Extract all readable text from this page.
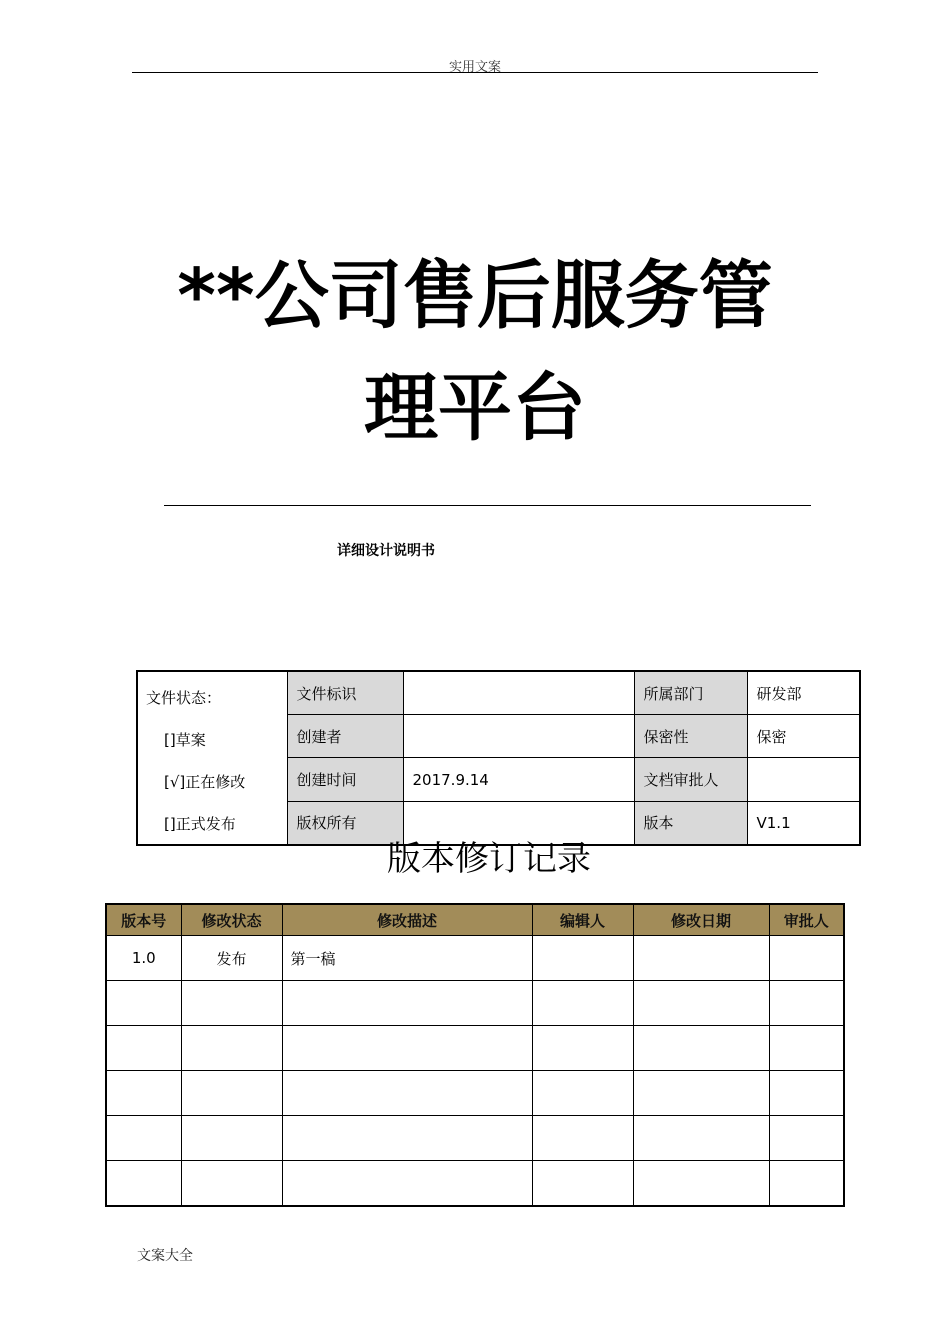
实用文案
**公司售后服务管
理平台
详细设计说明书
文件状态：
[]草案
[√]正在修改
[]正式发布	文件标识		所属部门	研发部
	创建者		保密性	保密
	创建时间	2017.9.14	文档审批人	
	版权所有		版本	V1.1
版本修订记录
版本号	修改状态	修改描述	编辑人	修改日期	审批人
1.0	发布	第一稿			

文案大全
